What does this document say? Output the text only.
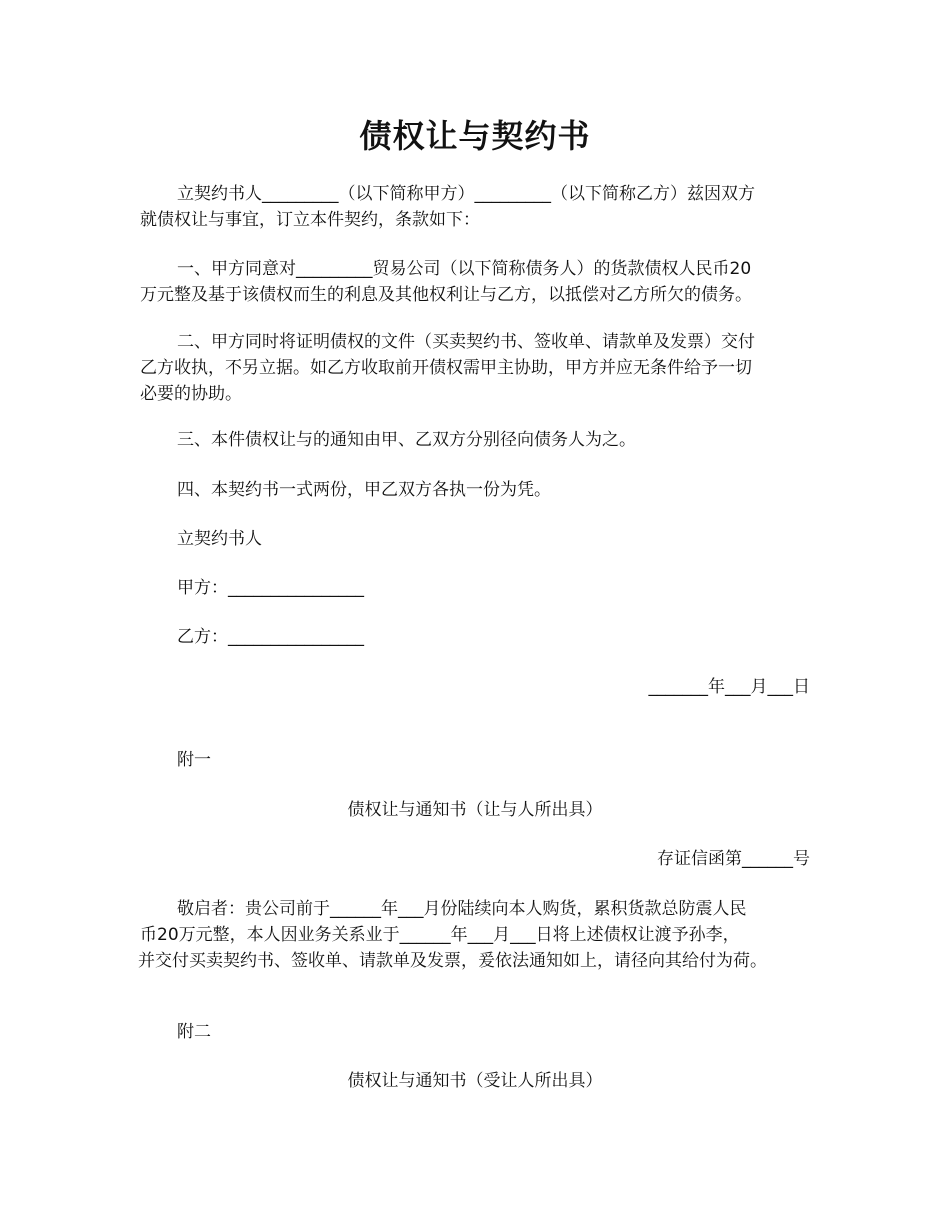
债权让与契约书
立契约书人_________（以下简称甲方）_________（以下简称乙方）兹因双方
就债权让与事宜，订立本件契约，条款如下：
一、甲方同意对_________贸易公司（以下简称债务人）的货款债权人民币20
万元整及基于该债权而生的利息及其他权利让与乙方，以抵偿对乙方所欠的债务。
二、甲方同时将证明债权的文件（买卖契约书、签收单、请款单及发票）交付
乙方收执，不另立据。如乙方收取前开债权需甲主协助，甲方并应无条件给予一切
必要的协助。
三、本件债权让与的通知由甲、乙双方分别径向债务人为之。
四、本契约书一式两份，甲乙双方各执一份为凭。
立契约书人
甲方：________________
乙方：________________
_______年___月___日
附一
债权让与通知书（让与人所出具）
存证信函第______号
敬启者：贵公司前于______年___月份陆续向本人购货，累积货款总防震人民
币20万元整，本人因业务关系业于______年___月___日将上述债权让渡予孙李，
并交付买卖契约书、签收单、请款单及发票，爰依法通知如上，请径向其给付为荷。
附二
债权让与通知书（受让人所出具）
